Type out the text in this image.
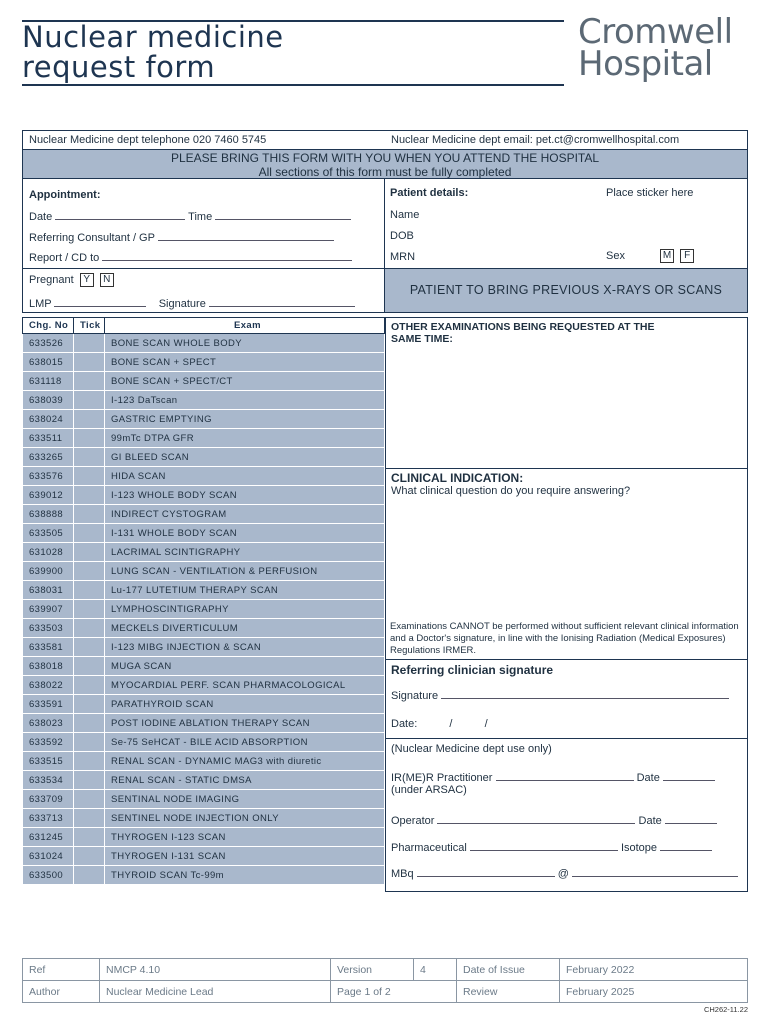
Nuclear medicine
request form
Cromwell
Hospital
Nuclear Medicine dept telephone 020 7460 5745	Nuclear Medicine dept email: pet.ct@cromwellhospital.com
PLEASE BRING THIS FORM WITH YOU WHEN YOU ATTEND THE HOSPITAL
All sections of this form must be fully completed
Appointment:
Date	Time
Referring Consultant / GP
Report / CD to
Pregnant Y N
LMP	Signature
Patient details:	Place sticker here
Name
DOB
MRN	Sex	M F
PATIENT TO BRING PREVIOUS X-RAYS OR SCANS
Chg. No	Tick	Exam
633526		BONE SCAN WHOLE BODY
638015		BONE SCAN + SPECT
631118		BONE SCAN + SPECT/CT
638039		I-123 DaTscan
638024		GASTRIC EMPTYING
633511		99mTc DTPA GFR
633265		GI BLEED SCAN
633576		HIDA SCAN
639012		I-123 WHOLE BODY SCAN
638888		INDIRECT CYSTOGRAM
633505		I-131 WHOLE BODY SCAN
631028		LACRIMAL SCINTIGRAPHY
639900		LUNG SCAN - VENTILATION & PERFUSION
638031		Lu-177 LUTETIUM THERAPY SCAN
639907		LYMPHOSCINTIGRAPHY
633503		MECKELS DIVERTICULUM
633581		I-123 MIBG INJECTION & SCAN
638018		MUGA SCAN
638022		MYOCARDIAL PERF. SCAN PHARMACOLOGICAL
633591		PARATHYROID SCAN
638023		POST IODINE ABLATION THERAPY SCAN
633592		Se-75 SeHCAT - BILE ACID ABSORPTION
633515		RENAL SCAN - DYNAMIC MAG3 with diuretic
633534		RENAL SCAN - STATIC DMSA
633709		SENTINAL NODE IMAGING
633713		SENTINEL NODE INJECTION ONLY
631245		THYROGEN I-123 SCAN
631024		THYROGEN I-131 SCAN
633500		THYROID SCAN Tc-99m
OTHER EXAMINATIONS BEING REQUESTED AT THE
SAME TIME:
CLINICAL INDICATION:
What clinical question do you require answering?
Examinations CANNOT be performed without sufficient relevant clinical information and a Doctor's signature, in line with the Ionising Radiation (Medical Exposures) Regulations IRMER.
Referring clinician signature
Signature
Date:	/	/
(Nuclear Medicine dept use only)
IR(ME)R Practitioner	Date
(under ARSAC)
Operator	Date
Pharmaceutical	Isotope
MBq	@
Ref	NMCP 4.10	Version	4	Date of Issue	February 2022
Author	Nuclear Medicine Lead	Page 1 of 2		Review	February 2025
CH262-11.22
